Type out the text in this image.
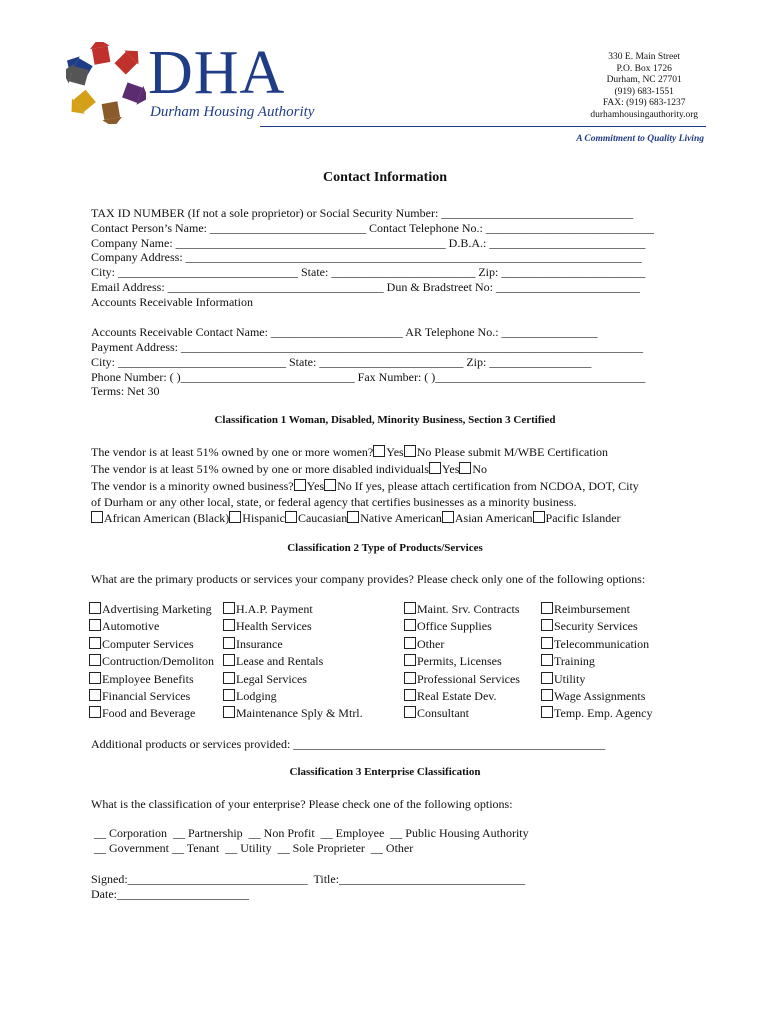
DHA
Durham Housing Authority
330 E. Main Street
P.O. Box 1726
Durham, NC 27701
(919) 683-1551
FAX: (919) 683-1237
durhamhousingauthority.org
A Commitment to Quality Living
Contact Information
TAX ID NUMBER (If not a sole proprietor) or Social Security Number: ________________________________
Contact Person’s Name: __________________________ Contact Telephone No.: ____________________________
Company Name: _____________________________________________ D.B.A.: __________________________
Company Address: ____________________________________________________________________________
City: ______________________________ State: ________________________ Zip: ________________________
Email Address: ____________________________________ Dun & Bradstreet No: ________________________
Accounts Receivable Information
Accounts Receivable Contact Name: ______________________ AR Telephone No.: ________________
Payment Address: _____________________________________________________________________________
City: ____________________________ State: ________________________ Zip: _________________
Phone Number: ( )_____________________________ Fax Number: ( )___________________________________
Terms: Net 30
Classification 1 Woman, Disabled, Minority Business, Section 3 Certified
The vendor is at least 51% owned by one or more women? Yes No Please submit M/WBE Certification
The vendor is at least 51% owned by one or more disabled individuals Yes No
The vendor is a minority owned business? Yes No If yes, please attach certification from NCDOA, DOT, City
of Durham or any other local, state, or federal agency that certifies businesses as a minority business.
African American (Black) Hispanic Caucasian Native American Asian American Pacific Islander
Classification 2 Type of Products/Services
What are the primary products or services your company provides? Please check only one of the following options:
Advertising Marketing
Automotive
Computer Services
Contruction/Demoliton
Employee Benefits
Financial Services
Food and Beverage
H.A.P. Payment
Health Services
Insurance
Lease and Rentals
Legal Services
Lodging
Maintenance Sply & Mtrl.
Maint. Srv. Contracts
Office Supplies
Other
Permits, Licenses
Professional Services
Real Estate Dev.
Consultant
Reimbursement
Security Services
Telecommunication
Training
Utility
Wage Assignments
Temp. Emp. Agency
Additional products or services provided: ____________________________________________________
Classification 3 Enterprise Classification
What is the classification of your enterprise? Please check one of the following options:
__ Corporation  __ Partnership  __ Non Profit  __ Employee  __ Public Housing Authority
__ Government __ Tenant  __ Utility  __ Sole Proprieter  __ Other
Signed:______________________________  Title:_______________________________
Date:______________________
